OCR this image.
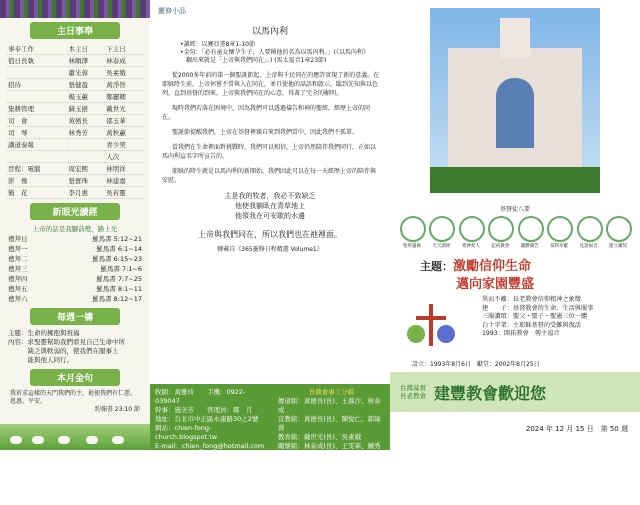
主日事奉
事奉工作	本主日	下主日
值日長執	林順澤	林泰成
	蕭光蓉	吳素娥
招待	張健盈	黃淨智
	楊玉蕙	鄭麗卿
集耕管理	蘇玉巒	戴世光
司　會	黃巒長	邵玉華
司　琴	林秀芳	黃秋蕙
講道奏報		青少契
		人次
晉程：電腦	周宏熙	林明祥
影　像	張寶珠	林建嘉
簡　花	李月惠	吳若靈
新眼光讀經
上帝的話是我腳前燈，路上光
禮拜日	羅馬書 5:12~21
禮拜一	羅馬書 6:1~14
禮拜二	羅馬書 6:15~23
禮拜三	羅馬書 7:1~6
禮拜四	羅馬書 7:7~25
禮拜五	羅馬書 8:1~11
禮拜六	羅馬書 8:12~17
每週一禱
主題：生命的擁抱與祝福
內容：求聖靈幫助我們看見自己生命中所
　　　缺乏與軟弱的，使我們在服事上
　　　能與他人同行。
本月金句
我祈求這樣的天門我們的主，祂使我們有仁慈、恩惠、平安。
約翰書 23:10 節
靈修小品
以馬內利
•讀經：以賽亞書8章1-10節
•金句：「必有童女懷孕生子，人要稱他的名為以馬內利。」(《以馬內利》
　翻出來就是「上帝與我們同在」。) (馬太福音1章23節)
從2000多年前的第一個聖誕節起，上帝與千民同在的應許實現了新的意義。在耶穌降生前，上帝何嘗不常與人在同在，並且使他的話語和啟示，臨到先知與以色列，直到基督的到來，上帝與我們同在的心意，得著了完全的顯明。
現時我們若落在困境中，因為我們可以透過禱告和神的聖經，經歷上帝的同在。
聖誕節提醒我們，上帝在基督裡親自來到我們當中，因此我們不孤單。
當我們在生命裡面對挑戰時，我們可以相信，上帝仍然陪伴我們同行，正如以馬內利這名字所宣告的。
耶穌的降生就是以馬內利的新開始，我們因此可以在每一天經歷上帝的陪伴與安慰。
主是我的牧者，我必不致缺乏
他使我躺臥在青草地上
他領我在可安歇的水邊
上帝與我們同在，所以我們也在祂裡面。
轉載自《365靈修日程精選 Volume1》
牧師：黃雅玲　　手機：0922-039047
幹事：施美芳　　管理員：鄭　月
地址：台北市中正區永康路30之2號
網站：chien-fong-church.blogspot.tw
E-mail：chien_fong@hotmail.com
電話：(02)-2321-6206
傳真：(02)-2341-8770
電話：02-7216207　統編：15573201
長執會事工分組
傳道組：黃巒長(長)、王慕沙、林泰成
宣教組：黃巒長(長)、陳悅仁、郭綠蓉
教育組：戴世光(長)、吳素娥
關懷組：林泰成(長)、王雯華、鍾秀婷
財務組：黃淨智(長)、馬如菁
總務組：林順澤(長)、林順澤、吳若靈
行政組：許榮文(長)、鄭雅雯、傅君琪
基督徒八要
聖經靈修	天天讀經	愛神愛人	起初教會	團體禱告	按時奉獻	見證福音	建立團契
主題：激勵信仰生命
邁向家園豐盛
異而不離：長老教會信仰精神之象徵
建　　子：基督教會的生命、生活與服事
三服讚頌：聖父・聖子・聖靈三位一體
白十字架：主耶穌基督的受難與復活
1993：開拓教會　傳主福音
設立：1993年8月6日　獻堂：2002年8月25日
台灣基督
長老教會 建豐教會歡迎您
2024 年 12 月 15 日　第 50 週
